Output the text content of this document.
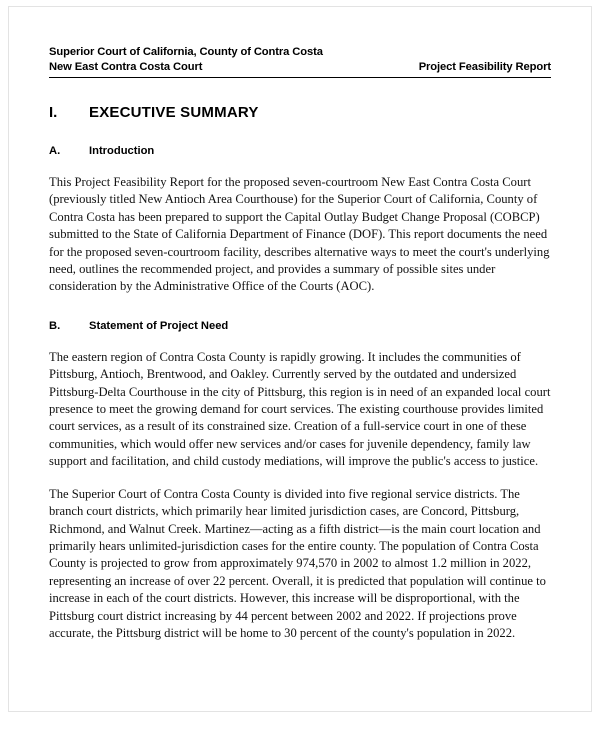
Superior Court of California, County of Contra Costa
New East Contra Costa Court	Project Feasibility Report
I.	EXECUTIVE SUMMARY
A.	Introduction

This Project Feasibility Report for the proposed seven-courtroom New East Contra Costa Court (previously titled New Antioch Area Courthouse) for the Superior Court of California, County of Contra Costa has been prepared to support the Capital Outlay Budget Change Proposal (COBCP) submitted to the State of California Department of Finance (DOF). This report documents the need for the proposed seven-courtroom facility, describes alternative ways to meet the court's underlying need, outlines the recommended project, and provides a summary of possible sites under consideration by the Administrative Office of the Courts (AOC).

B.	Statement of Project Need

The eastern region of Contra Costa County is rapidly growing. It includes the communities of Pittsburg, Antioch, Brentwood, and Oakley. Currently served by the outdated and undersized Pittsburg-Delta Courthouse in the city of Pittsburg, this region is in need of an expanded local court presence to meet the growing demand for court services. The existing courthouse provides limited court services, as a result of its constrained size. Creation of a full-service court in one of these communities, which would offer new services and/or cases for juvenile dependency, family law support and facilitation, and child custody mediations, will improve the public's access to justice.

The Superior Court of Contra Costa County is divided into five regional service districts. The branch court districts, which primarily hear limited jurisdiction cases, are Concord, Pittsburg, Richmond, and Walnut Creek. Martinez—acting as a fifth district—is the main court location and primarily hears unlimited-jurisdiction cases for the entire county. The population of Contra Costa County is projected to grow from approximately 974,570 in 2002 to almost 1.2 million in 2022, representing an increase of over 22 percent. Overall, it is predicted that population will continue to increase in each of the court districts. However, this increase will be disproportional, with the Pittsburg court district increasing by 44 percent between 2002 and 2022. If projections prove accurate, the Pittsburg district will be home to 30 percent of the county's population in 2022.
